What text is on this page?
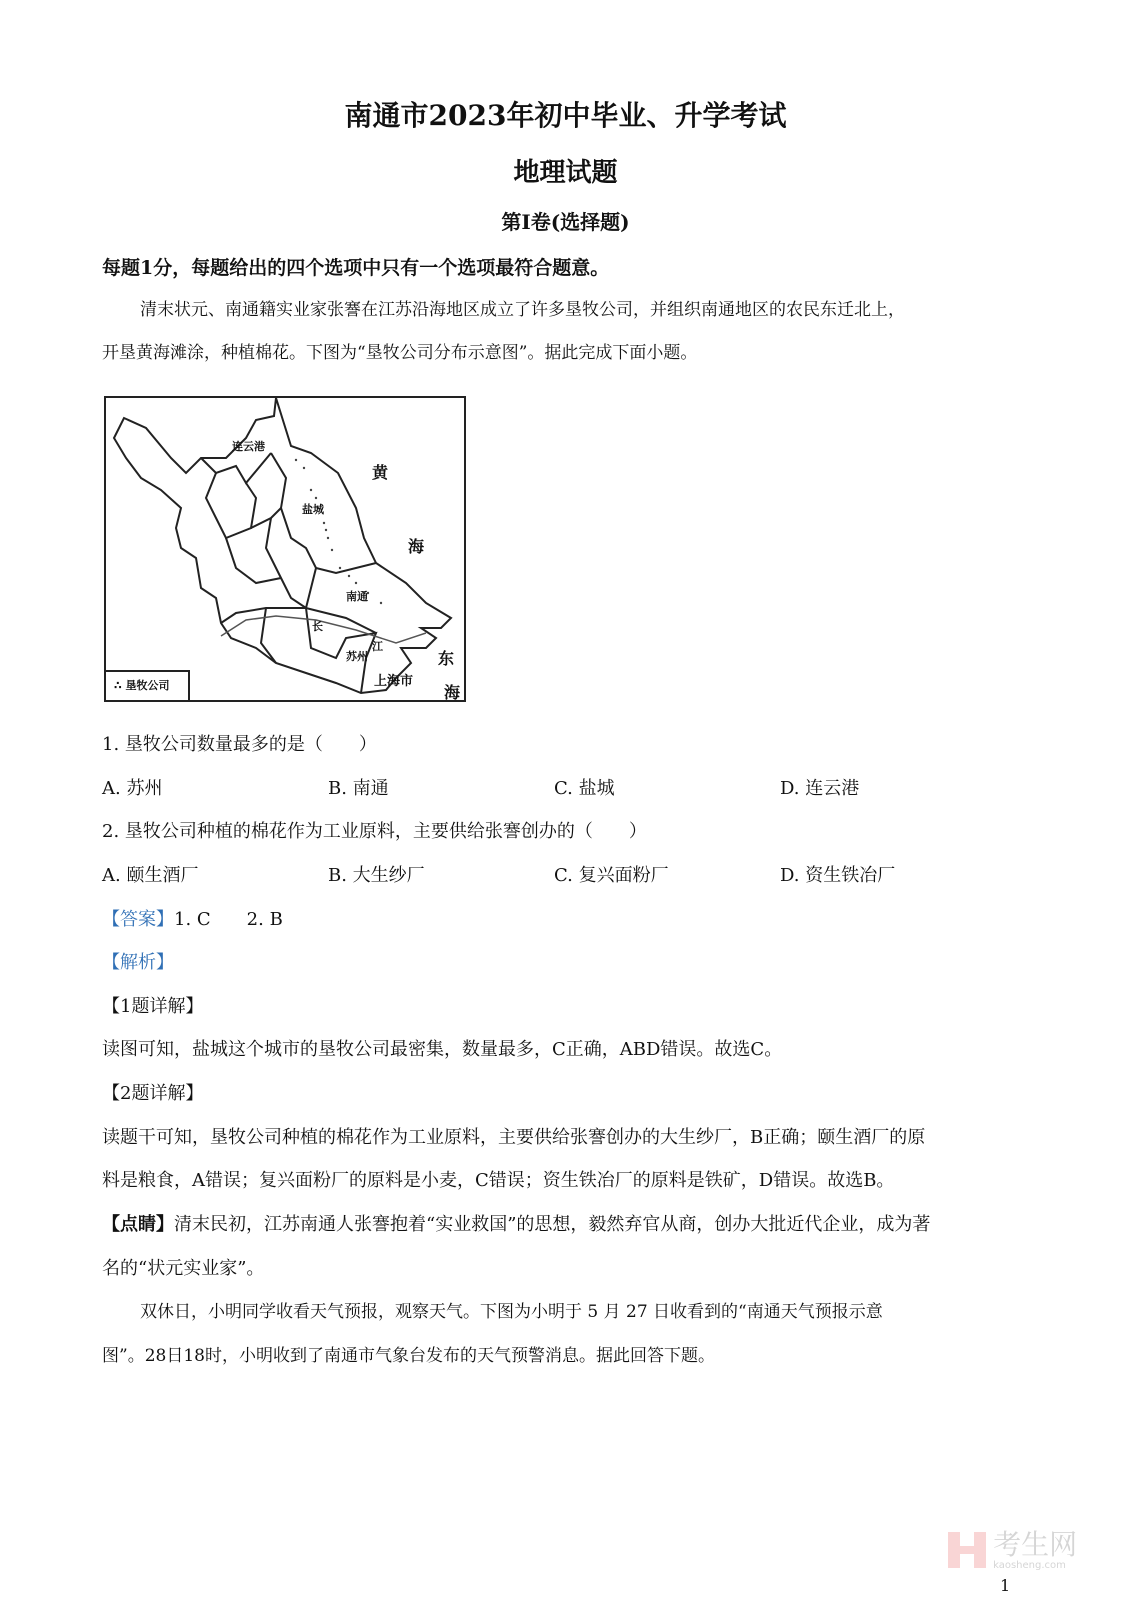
南通市2023年初中毕业、升学考试
地理试题
第Ⅰ卷(选择题)
每题1分，每题给出的四个选项中只有一个选项最符合题意。
清末状元、南通籍实业家张謇在江苏沿海地区成立了许多垦牧公司，并组织南通地区的农民东迁北上，
开垦黄海滩涂，种植棉花。下图为“垦牧公司分布示意图”。据此完成下面小题。
连云港
盐城
南通
苏州
上海市
长
江
黄
海
东
海
∴ 垦牧公司
1. 垦牧公司数量最多的是（　　）
A. 苏州	B. 南通	C. 盐城	D. 连云港
2. 垦牧公司种植的棉花作为工业原料，主要供给张謇创办的（　　）
A. 颐生酒厂	B. 大生纱厂	C. 复兴面粉厂	D. 资生铁冶厂
【答案】1. C　　2. B
【解析】
【1题详解】
读图可知，盐城这个城市的垦牧公司最密集，数量最多，C正确，ABD错误。故选C。
【2题详解】
读题干可知，垦牧公司种植的棉花作为工业原料，主要供给张謇创办的大生纱厂，B正确；颐生酒厂的原
料是粮食，A错误；复兴面粉厂的原料是小麦，C错误；资生铁冶厂的原料是铁矿，D错误。故选B。
【点睛】清末民初，江苏南通人张謇抱着“实业救国”的思想，毅然弃官从商，创办大批近代企业，成为著
名的“状元实业家”。
双休日，小明同学收看天气预报，观察天气。下图为小明于 5 月 27 日收看到的“南通天气预报示意
图”。28日18时，小明收到了南通市气象台发布的天气预警消息。据此回答下题。

考生网
kaosheng.com
1
